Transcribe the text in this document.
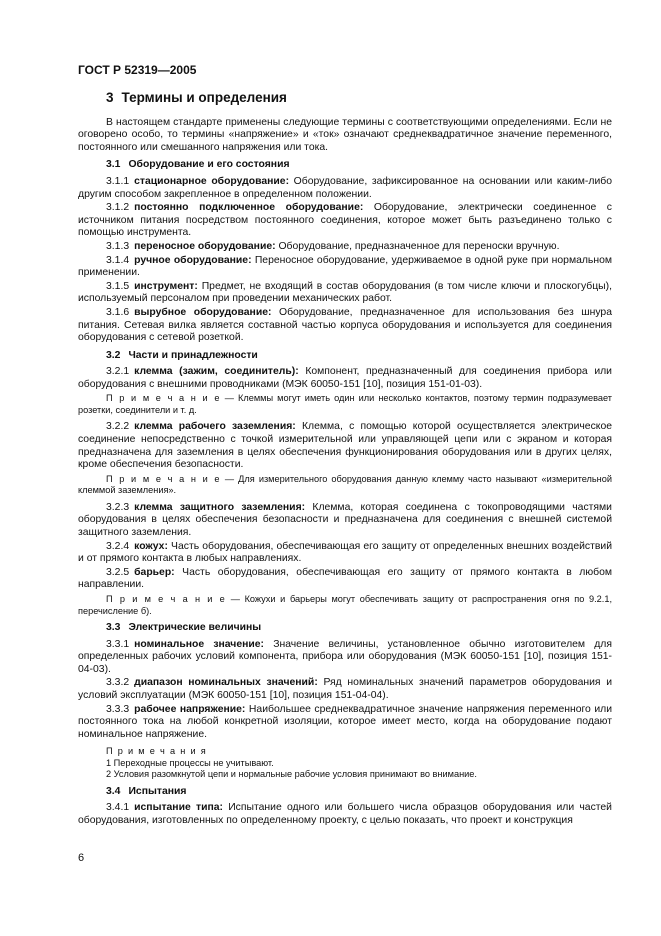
ГОСТ Р 52319—2005
3 Термины и определения

В настоящем стандарте применены следующие термины с соответствующими определениями. Если не оговорено особо, то термины «напряжение» и «ток» означают среднеквадратичное значение переменного, постоянного или смешанного напряжения или тока.

3.1 Оборудование и его состояния

3.1.1 стационарное оборудование: Оборудование, зафиксированное на основании или каким-либо другим способом закрепленное в определенном положении.

3.1.2 постоянно подключенное оборудование: Оборудование, электрически соединенное с источником питания посредством постоянного соединения, которое может быть разъединено только с помощью инструмента.

3.1.3 переносное оборудование: Оборудование, предназначенное для переноски вручную.

3.1.4 ручное оборудование: Переносное оборудование, удерживаемое в одной руке при нормальном применении.

3.1.5 инструмент: Предмет, не входящий в состав оборудования (в том числе ключи и плоскогубцы), используемый персоналом при проведении механических работ.

3.1.6 вырубное оборудование: Оборудование, предназначенное для использования без шнура питания. Сетевая вилка является составной частью корпуса оборудования и используется для соединения оборудования с сетевой розеткой.

3.2 Части и принадлежности

3.2.1 клемма (зажим, соединитель): Компонент, предназначенный для соединения прибора или оборудования с внешними проводниками (МЭК 60050-151 [10], позиция 151-01-03).

П р и м е ч а н и е — Клеммы могут иметь один или несколько контактов, поэтому термин подразумевает розетки, соединители и т. д.

3.2.2 клемма рабочего заземления: Клемма, с помощью которой осуществляется электрическое соединение непосредственно с точкой измерительной или управляющей цепи или с экраном и которая предназначена для заземления в целях обеспечения функционирования оборудования или в других целях, кроме обеспечения безопасности.

П р и м е ч а н и е — Для измерительного оборудования данную клемму часто называют «измерительной клеммой заземления».

3.2.3 клемма защитного заземления: Клемма, которая соединена с токопроводящими частями оборудования в целях обеспечения безопасности и предназначена для соединения с внешней системой защитного заземления.

3.2.4 кожух: Часть оборудования, обеспечивающая его защиту от определенных внешних воздействий и от прямого контакта в любых направлениях.

3.2.5 барьер: Часть оборудования, обеспечивающая его защиту от прямого контакта в любом направлении.

П р и м е ч а н и е — Кожухи и барьеры могут обеспечивать защиту от распространения огня по 9.2.1, перечисление б).

3.3 Электрические величины

3.3.1 номинальное значение: Значение величины, установленное обычно изготовителем для определенных рабочих условий компонента, прибора или оборудования (МЭК 60050-151 [10], позиция 151-04-03).

3.3.2 диапазон номинальных значений: Ряд номинальных значений параметров оборудования и условий эксплуатации (МЭК 60050-151 [10], позиция 151-04-04).

3.3.3 рабочее напряжение: Наибольшее среднеквадратичное значение напряжения переменного или постоянного тока на любой конкретной изоляции, которое имеет место, когда на оборудование подают номинальное напряжение.

П р и м е ч а н и я
1 Переходные процессы не учитывают.
2 Условия разомкнутой цепи и нормальные рабочие условия принимают во внимание.
3.4 Испытания

3.4.1 испытание типа: Испытание одного или большего числа образцов оборудования или частей оборудования, изготовленных по определенному проекту, с целью показать, что проект и конструкция

6
